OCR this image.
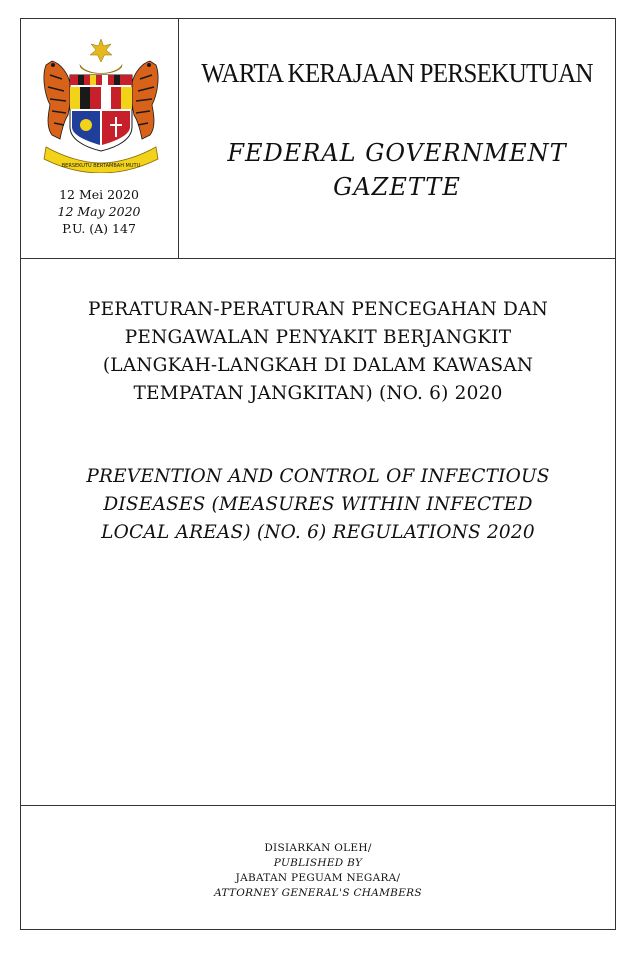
BERSEKUTU BERTAMBAH MUTU
12 Mei 2020
12 May 2020
P.U. (A) 147
WARTA KERAJAAN PERSEKUTUAN
FEDERAL GOVERNMENT
GAZETTE
PERATURAN-PERATURAN PENCEGAHAN DAN
PENGAWALAN PENYAKIT BERJANGKIT
(LANGKAH-LANGKAH DI DALAM KAWASAN
TEMPATAN JANGKITAN) (NO. 6) 2020
PREVENTION AND CONTROL OF INFECTIOUS
DISEASES (MEASURES WITHIN INFECTED
LOCAL AREAS) (NO. 6) REGULATIONS 2020
DISIARKAN OLEH/
PUBLISHED BY
JABATAN PEGUAM NEGARA/
ATTORNEY GENERAL'S CHAMBERS
